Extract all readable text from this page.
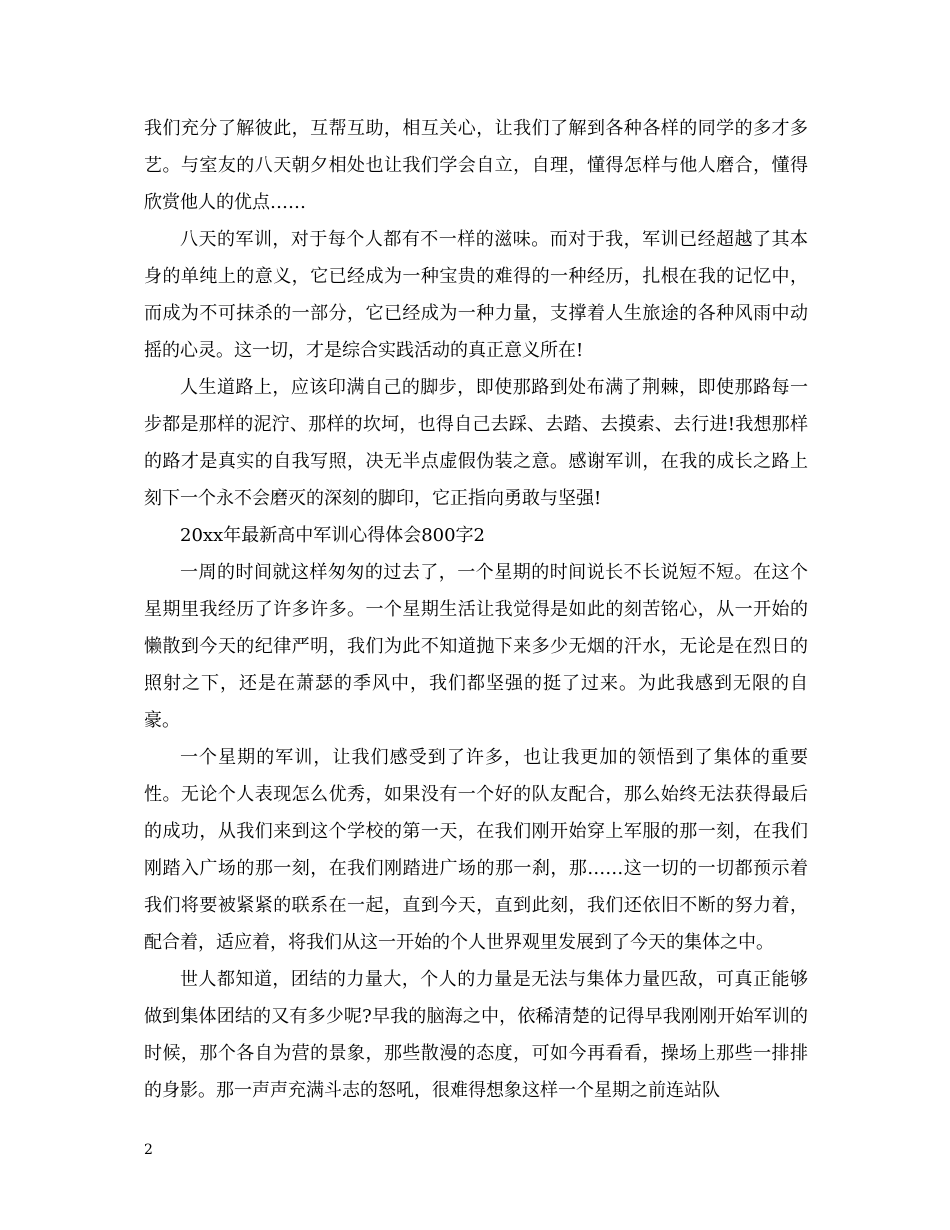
我们充分了解彼此，互帮互助，相互关心，让我们了解到各种各样的同学的多才多艺。与室友的八天朝夕相处也让我们学会自立，自理，懂得怎样与他人磨合，懂得欣赏他人的优点……

八天的军训，对于每个人都有不一样的滋味。而对于我，军训已经超越了其本身的单纯上的意义，它已经成为一种宝贵的难得的一种经历，扎根在我的记忆中，而成为不可抹杀的一部分，它已经成为一种力量，支撑着人生旅途的各种风雨中动摇的心灵。这一切，才是综合实践活动的真正意义所在!

人生道路上，应该印满自己的脚步，即使那路到处布满了荆棘，即使那路每一步都是那样的泥泞、那样的坎坷，也得自己去踩、去踏、去摸索、去行进!我想那样的路才是真实的自我写照，决无半点虚假伪装之意。感谢军训，在我的成长之路上刻下一个永不会磨灭的深刻的脚印，它正指向勇敢与坚强!

20xx年最新高中军训心得体会800字2

一周的时间就这样匆匆的过去了，一个星期的时间说长不长说短不短。在这个星期里我经历了许多许多。一个星期生活让我觉得是如此的刻苦铭心，从一开始的懒散到今天的纪律严明，我们为此不知道抛下来多少无烟的汗水，无论是在烈日的照射之下，还是在萧瑟的季风中，我们都坚强的挺了过来。为此我感到无限的自豪。

一个星期的军训，让我们感受到了许多，也让我更加的领悟到了集体的重要性。无论个人表现怎么优秀，如果没有一个好的队友配合，那么始终无法获得最后的成功，从我们来到这个学校的第一天，在我们刚开始穿上军服的那一刻，在我们刚踏入广场的那一刻，在我们刚踏进广场的那一刹，那……这一切的一切都预示着我们将要被紧紧的联系在一起，直到今天，直到此刻，我们还依旧不断的努力着，配合着，适应着，将我们从这一开始的个人世界观里发展到了今天的集体之中。

世人都知道，团结的力量大，个人的力量是无法与集体力量匹敌，可真正能够做到集体团结的又有多少呢?早我的脑海之中，依稀清楚的记得早我刚刚开始军训的时候，那个各自为营的景象，那些散漫的态度，可如今再看看，操场上那些一排排的身影。那一声声充满斗志的怒吼，很难得想象这样一个星期之前连站队

2
